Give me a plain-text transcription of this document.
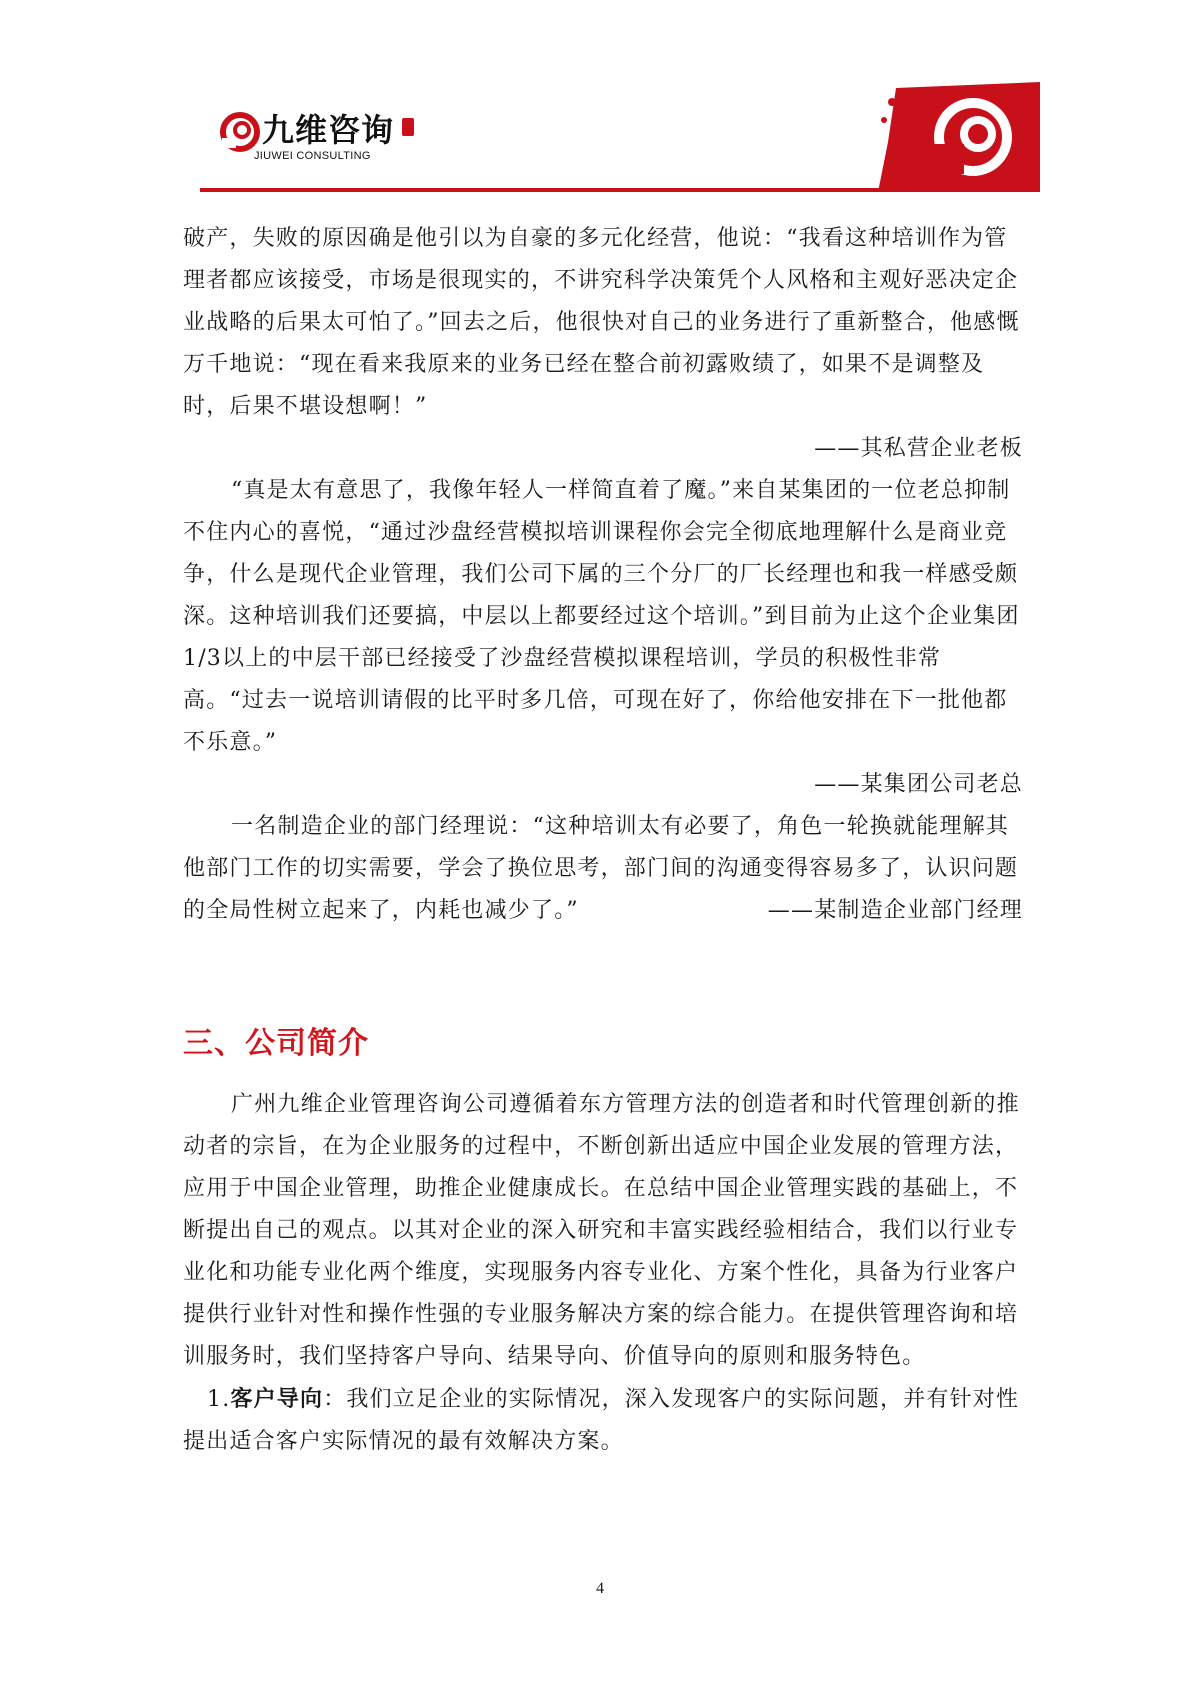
九维咨询
JIUWEI CONSULTING

破产，失败的原因确是他引以为自豪的多元化经营，他说：“我看这种培训作为管理者都应该接受，市场是很现实的，不讲究科学决策凭个人风格和主观好恶决定企业战略的后果太可怕了。”回去之后，他很快对自己的业务进行了重新整合，他感慨万千地说：“现在看来我原来的业务已经在整合前初露败绩了，如果不是调整及时，后果不堪设想啊！”

——其私营企业老板

“真是太有意思了，我像年轻人一样简直着了魔。”来自某集团的一位老总抑制不住内心的喜悦，“通过沙盘经营模拟培训课程你会完全彻底地理解什么是商业竞争，什么是现代企业管理，我们公司下属的三个分厂的厂长经理也和我一样感受颇深。这种培训我们还要搞，中层以上都要经过这个培训。”到目前为止这个企业集团1/3以上的中层干部已经接受了沙盘经营模拟课程培训，学员的积极性非常高。“过去一说培训请假的比平时多几倍，可现在好了，你给他安排在下一批他都不乐意。”

——某集团公司老总

一名制造企业的部门经理说：“这种培训太有必要了，角色一轮换就能理解其他部门工作的切实需要，学会了换位思考，部门间的沟通变得容易多了，认识问题的全局性树立起来了，内耗也减少了。”	——某制造企业部门经理

三、公司简介

广州九维企业管理咨询公司遵循着东方管理方法的创造者和时代管理创新的推动者的宗旨，在为企业服务的过程中，不断创新出适应中国企业发展的管理方法，应用于中国企业管理，助推企业健康成长。在总结中国企业管理实践的基础上，不断提出自己的观点。以其对企业的深入研究和丰富实践经验相结合，我们以行业专业化和功能专业化两个维度，实现服务内容专业化、方案个性化，具备为行业客户提供行业针对性和操作性强的专业服务解决方案的综合能力。在提供管理咨询和培训服务时，我们坚持客户导向、结果导向、价值导向的原则和服务特色。

1.客户导向：我们立足企业的实际情况，深入发现客户的实际问题，并有针对性提出适合客户实际情况的最有效解决方案。

4
